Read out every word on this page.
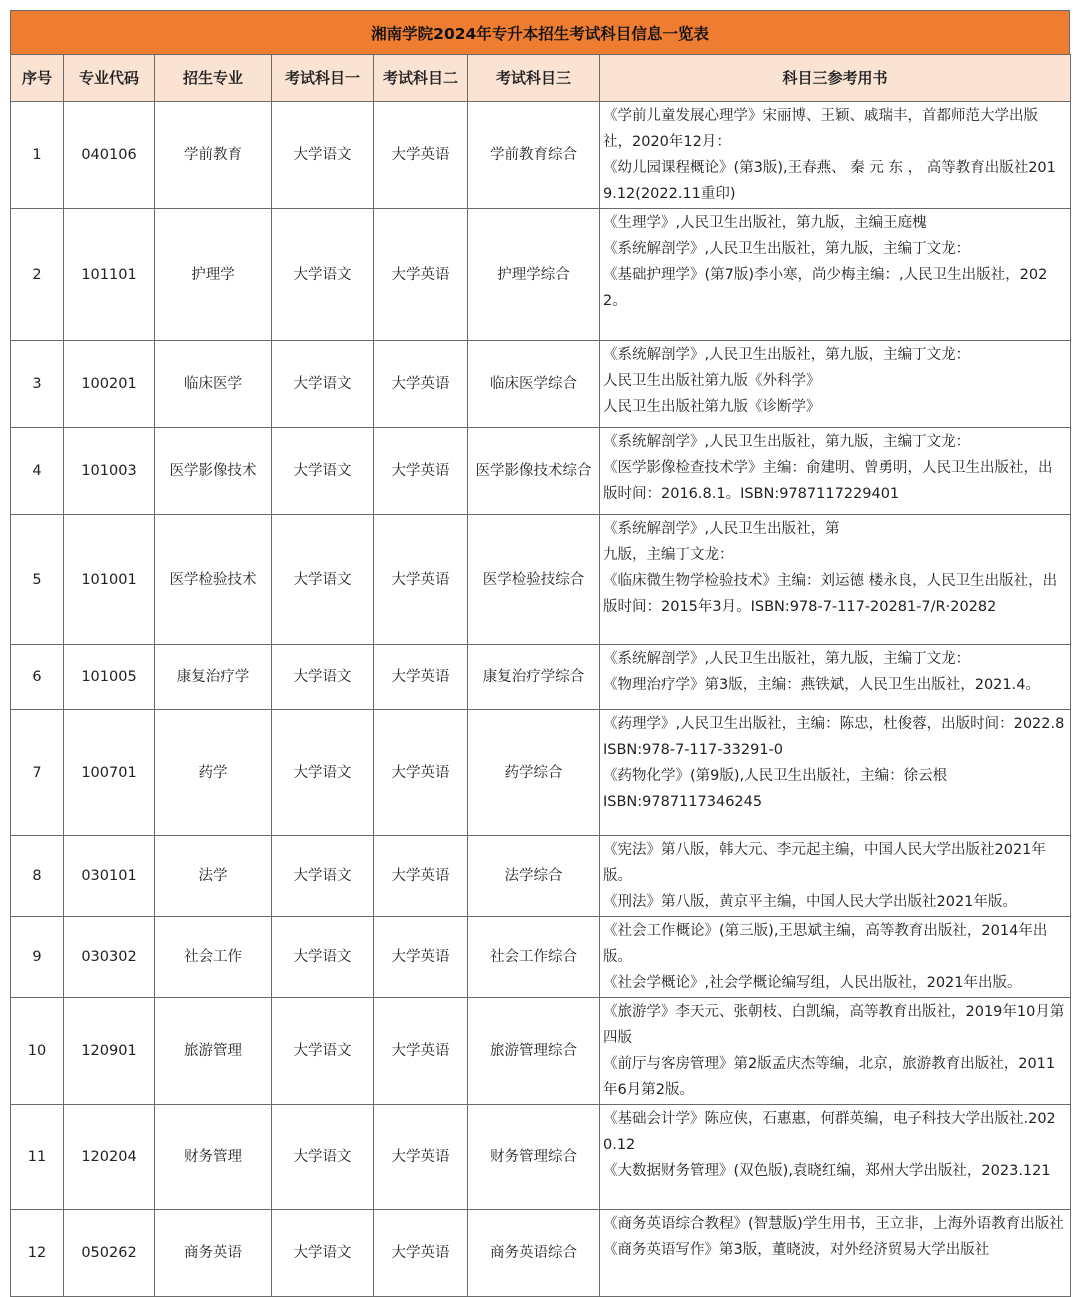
湘南学院2024年专升本招生考试科目信息一览表
序号	专业代码	招生专业	考试科目一	考试科目二	考试科目三	科目三参考用书
1	040106	学前教育	大学语文	大学英语	学前教育综合	《学前儿童发展心理学》宋丽博、王颖、戚瑞丰，首都师范大学出版社，2020年12月：
《幼儿园课程概论》(第3版),王春燕、 秦 元 东 ， 高等教育出版社2019.12(2022.11重印)

2	101101	护理学	大学语文	大学英语	护理学综合	《生理学》,人民卫生出版社，第九版，主编王庭槐
《系统解剖学》,人民卫生出版社，第九版，主编丁文龙：
《基础护理学》(第7版)李小寒，尚少梅主编：,人民卫生出版社，2022。

3	100201	临床医学	大学语文	大学英语	临床医学综合	《系统解剖学》,人民卫生出版社，第九版，主编丁文龙：
人民卫生出版社第九版《外科学》
人民卫生出版社第九版《诊断学》

4	101003	医学影像技术	大学语文	大学英语	医学影像技术综合	《系统解剖学》,人民卫生出版社，第九版，主编丁文龙：
《医学影像检查技术学》主编：俞建明、曾勇明，人民卫生出版社，出版时间：2016.8.1。ISBN:9787117229401

5	101001	医学检验技术	大学语文	大学英语	医学检验技综合	《系统解剖学》,人民卫生出版社，第
九版，主编丁文龙：
《临床微生物学检验技术》主编：刘运德 楼永良，人民卫生出版社，出版时间：2015年3月。ISBN:978-7-117-20281-7/R·20282

6	101005	康复治疗学	大学语文	大学英语	康复治疗学综合	《系统解剖学》,人民卫生出版社，第九版，主编丁文龙：
《物理治疗学》第3版，主编：燕铁斌，人民卫生出版社，2021.4。

7	100701	药学	大学语文	大学英语	药学综合	《药理学》,人民卫生出版社，主编：陈忠，杜俊蓉，出版时间：2022.8
ISBN:978-7-117-33291-0
《药物化学》(第9版),人民卫生出版社，主编：徐云根
ISBN:9787117346245

8	030101	法学	大学语文	大学英语	法学综合	《宪法》第八版，韩大元、李元起主编，中国人民大学出版社2021年版。
《刑法》第八版，黄京平主编，中国人民大学出版社2021年版。

9	030302	社会工作	大学语文	大学英语	社会工作综合	《社会工作概论》(第三版),王思斌主编，高等教育出版社，2014年出版。
《社会学概论》,社会学概论编写组，人民出版社，2021年出版。

10	120901	旅游管理	大学语文	大学英语	旅游管理综合	《旅游学》李天元、张朝枝、白凯编，高等教育出版社，2019年10月第四版
《前厅与客房管理》第2版孟庆杰等编，北京，旅游教育出版社，2011年6月第2版。

11	120204	财务管理	大学语文	大学英语	财务管理综合	《基础会计学》陈应侠，石惠惠，何群英编，电子科技大学出版社.2020.12
《大数据财务管理》(双色版),袁晓红编，郑州大学出版社，2023.121

12	050262	商务英语	大学语文	大学英语	商务英语综合	《商务英语综合教程》(智慧版)学生用书，王立非，上海外语教育出版社
《商务英语写作》第3版，董晓波，对外经济贸易大学出版社
